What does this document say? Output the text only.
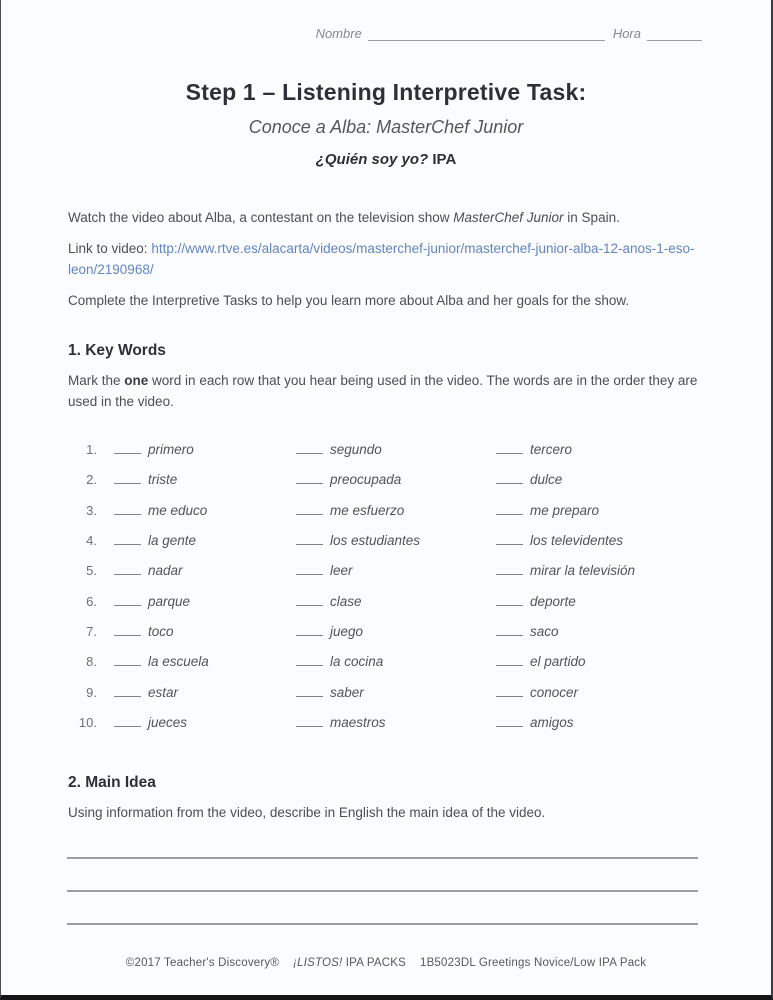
Nombre	Hora
Step 1 – Listening Interpretive Task:
Conoce a Alba: MasterChef Junior
¿Quién soy yo? IPA

Watch the video about Alba, a contestant on the television show MasterChef Junior in Spain.

Link to video: http://www.rtve.es/alacarta/videos/masterchef-junior/masterchef-junior-alba-12-anos-1-eso-leon/2190968/

Complete the Interpretive Tasks to help you learn more about Alba and her goals for the show.

1. Key Words

Mark the one word in each row that you hear being used in the video. The words are in the order they are used in the video.

1.	primero	segundo	tercero
2.	triste	preocupada	dulce
3.	me educo	me esfuerzo	me preparo
4.	la gente	los estudiantes	los televidentes
5.	nadar	leer	mirar la televisión
6.	parque	clase	deporte
7.	toco	juego	saco
8.	la escuela	la cocina	el partido
9.	estar	saber	conocer
10.	jueces	maestros	amigos
2. Main Idea

Using information from the video, describe in English the main idea of the video.

©2017 Teacher's Discovery® ¡LISTOS! IPA PACKS 1B5023DL Greetings Novice/Low IPA Pack
